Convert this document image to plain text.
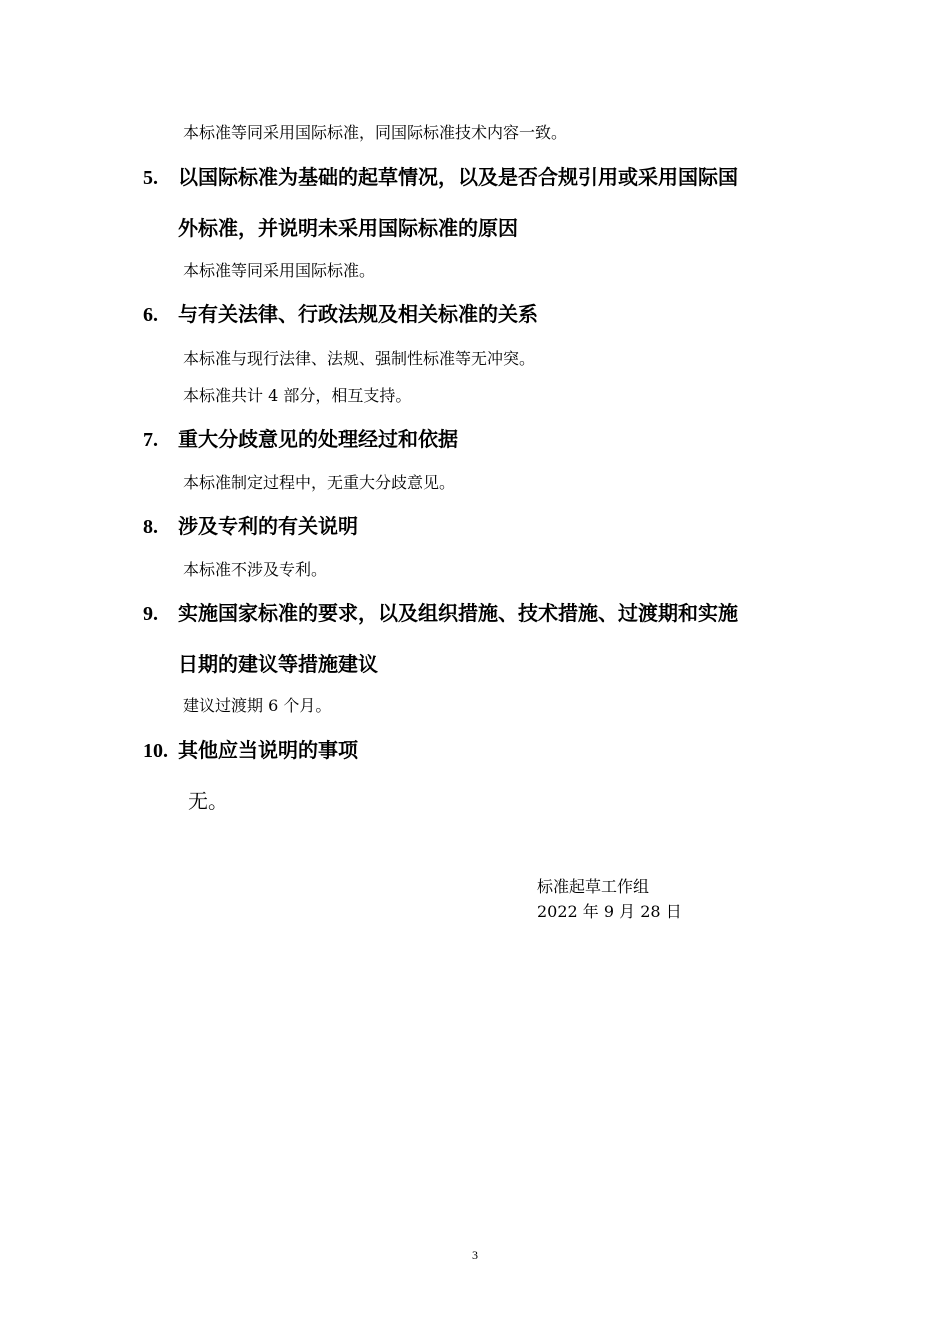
本标准等同采用国际标准，同国际标准技术内容一致。
5. 以国际标准为基础的起草情况，以及是否合规引用或采用国际国
外标准，并说明未采用国际标准的原因
本标准等同采用国际标准。
6. 与有关法律、行政法规及相关标准的关系
本标准与现行法律、法规、强制性标准等无冲突。
本标准共计 4 部分，相互支持。
7. 重大分歧意见的处理经过和依据
本标准制定过程中，无重大分歧意见。
8. 涉及专利的有关说明
本标准不涉及专利。
9. 实施国家标准的要求，以及组织措施、技术措施、过渡期和实施
日期的建议等措施建议
建议过渡期 6 个月。
10. 其他应当说明的事项
无。
标准起草工作组
2022 年 9 月 28 日
3
